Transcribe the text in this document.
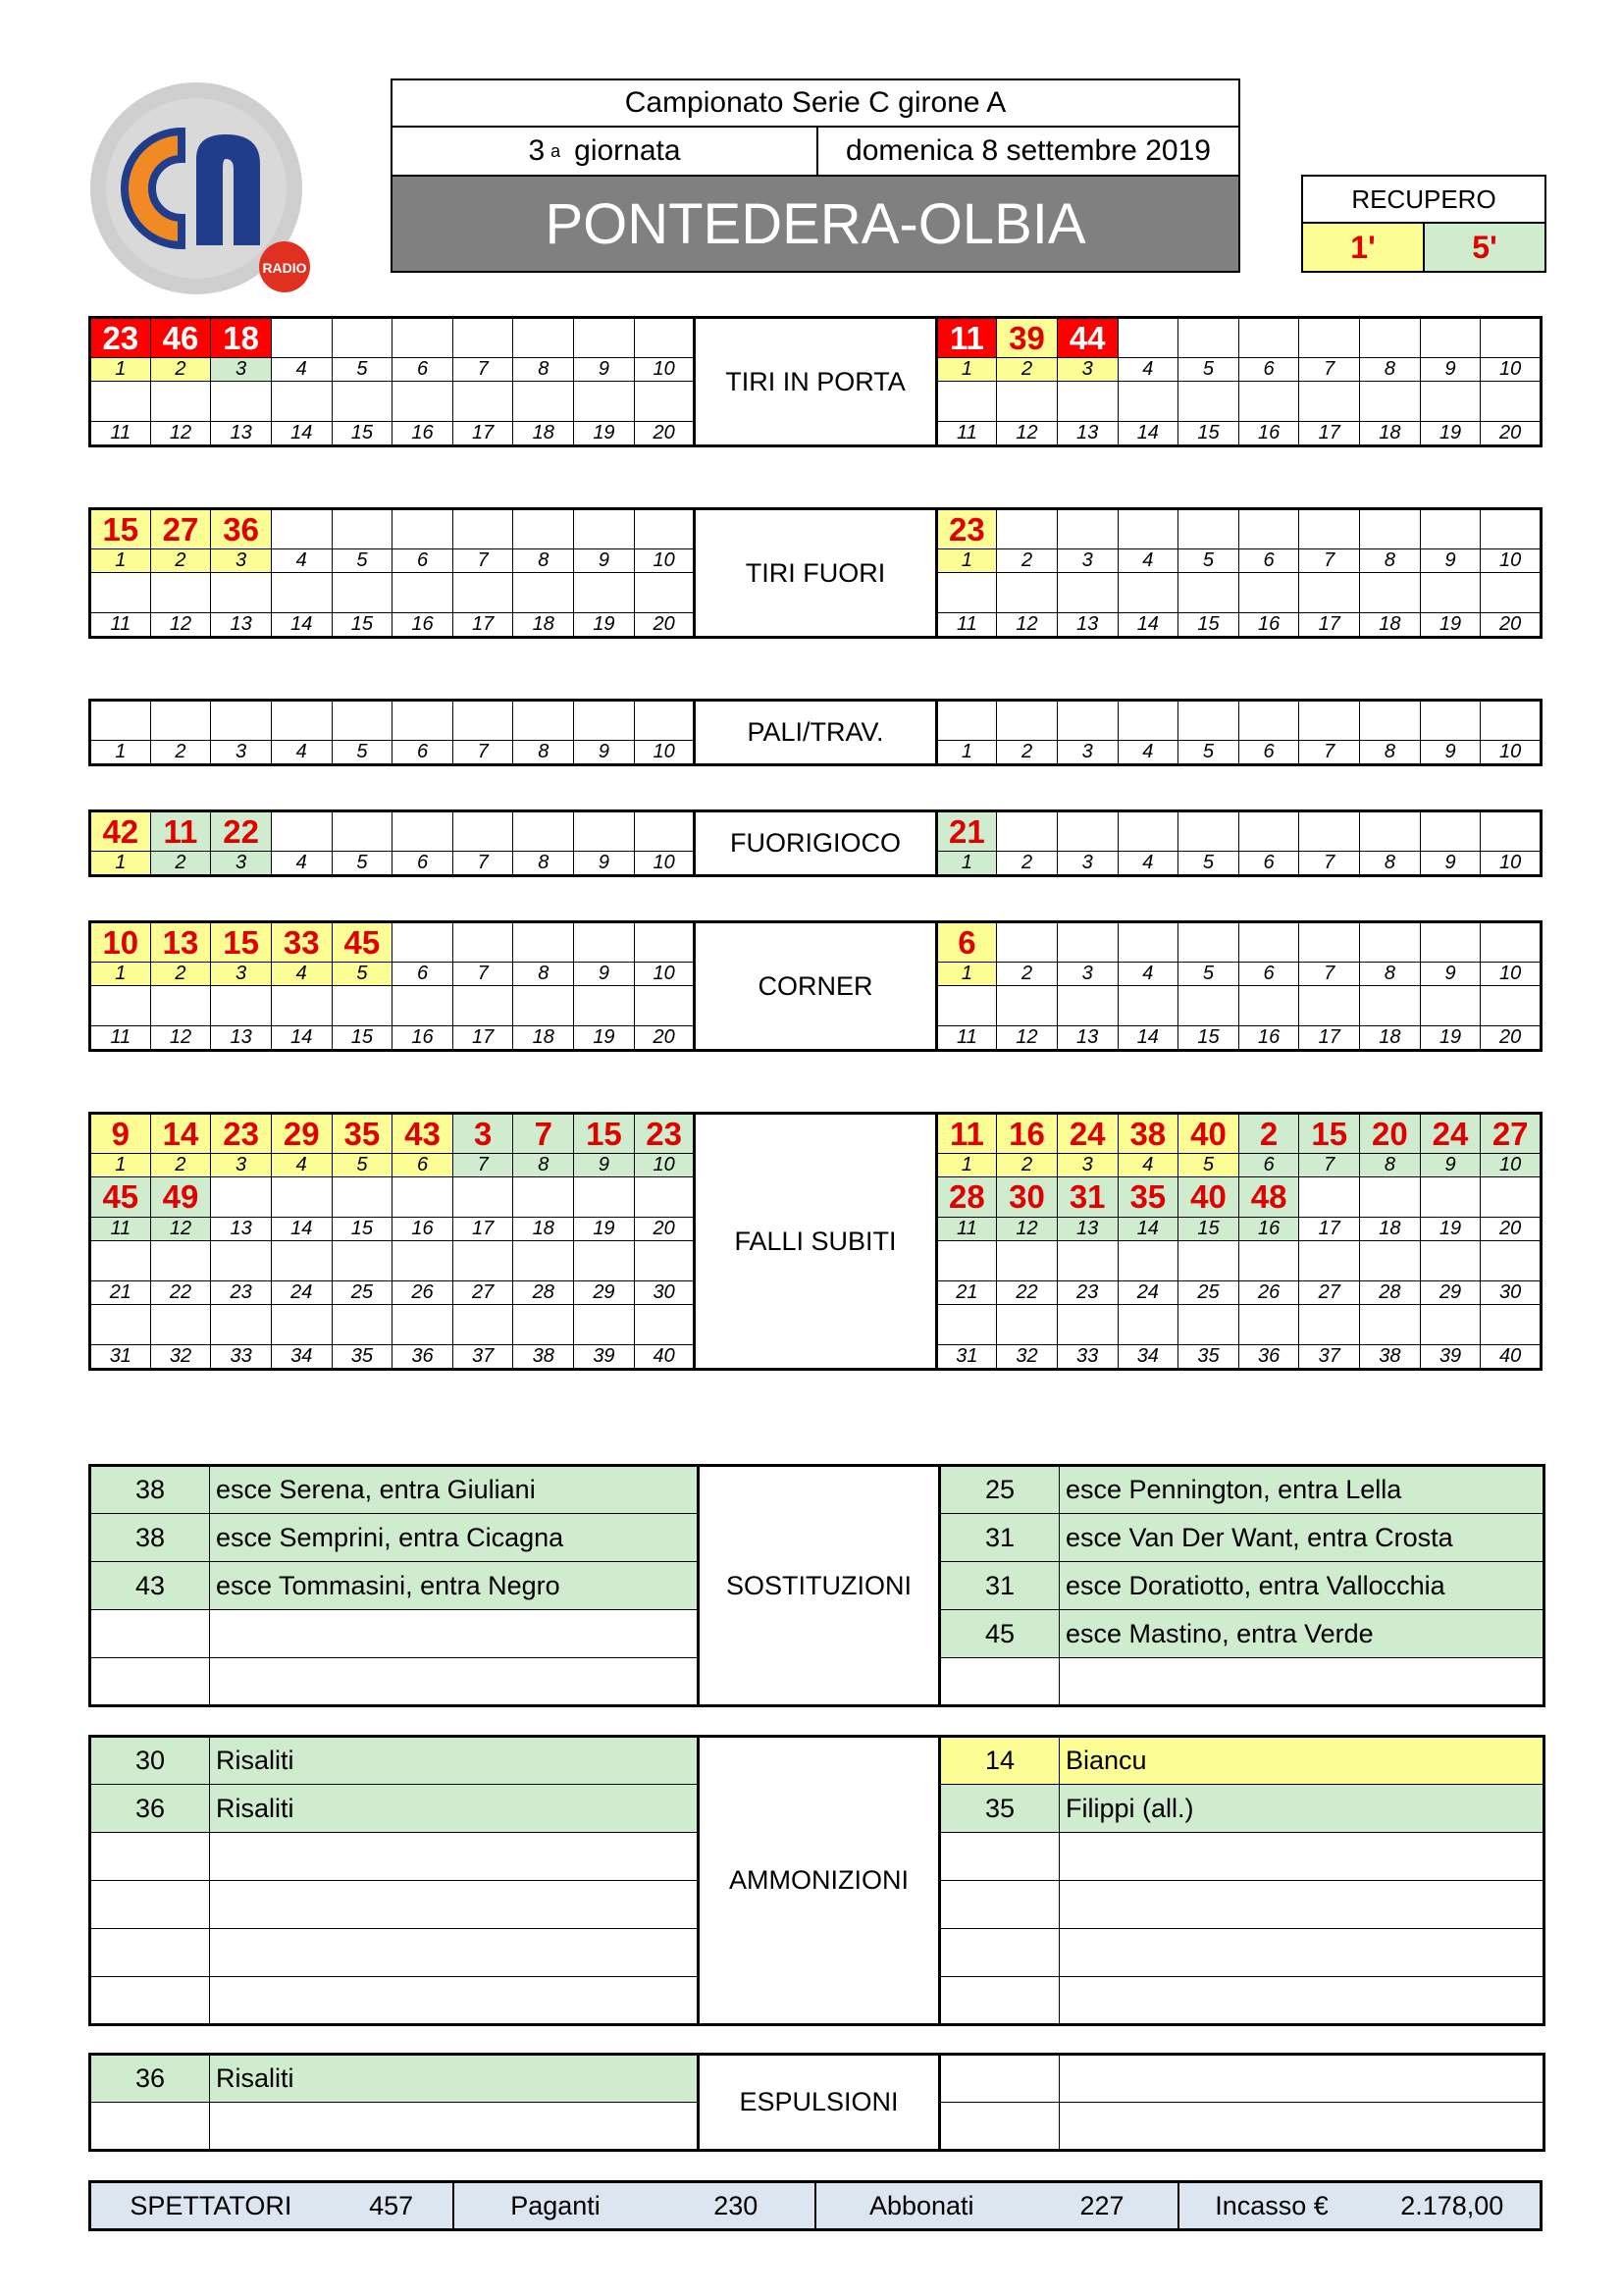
RADIO
Campionato Serie C girone A
3 a giornata	domenica 8 settembre 2019
PONTEDERA-OLBIA	RECUPERO
1'	5'
23	46	18								TIRI IN PORTA	11	39	44							
1	2	3	4	5	6	7	8	9	10		1	2	3	4	5	6	7	8	9	10

11	12	13	14	15	16	17	18	19	20		11	12	13	14	15	16	17	18	19	20
15	27	36								TIRI FUORI	23									
1	2	3	4	5	6	7	8	9	10		1	2	3	4	5	6	7	8	9	10

11	12	13	14	15	16	17	18	19	20		11	12	13	14	15	16	17	18	19	20
										PALI/TRAV.										
1	2	3	4	5	6	7	8	9	10		1	2	3	4	5	6	7	8	9	10
42	11	22								FUORIGIOCO	21									
1	2	3	4	5	6	7	8	9	10		1	2	3	4	5	6	7	8	9	10
10	13	15	33	45						CORNER	6									
1	2	3	4	5	6	7	8	9	10		1	2	3	4	5	6	7	8	9	10

11	12	13	14	15	16	17	18	19	20		11	12	13	14	15	16	17	18	19	20
9	14	23	29	35	43	3	7	15	23	FALLI SUBITI	11	16	24	38	40	2	15	20	24	27
1	2	3	4	5	6	7	8	9	10		1	2	3	4	5	6	7	8	9	10
45	49										28	30	31	35	40	48				
11	12	13	14	15	16	17	18	19	20		11	12	13	14	15	16	17	18	19	20

21	22	23	24	25	26	27	28	29	30		21	22	23	24	25	26	27	28	29	30

31	32	33	34	35	36	37	38	39	40		31	32	33	34	35	36	37	38	39	40
38	esce Serena, entra Giuliani	SOSTITUZIONI	25	esce Pennington, entra Lella
38	esce Semprini, entra Cicagna		31	esce Van Der Want, entra Crosta
43	esce Tommasini, entra Negro		31	esce Doratiotto, entra Vallocchia
			45	esce Mastino, entra Verde

30	Risaliti	AMMONIZIONI	14	Biancu
36	Risaliti		35	Filippi (all.)

36	Risaliti	ESPULSIONI		

SPETTATORI	457	Paganti	230	Abbonati	227	Incasso €	2.178,00
